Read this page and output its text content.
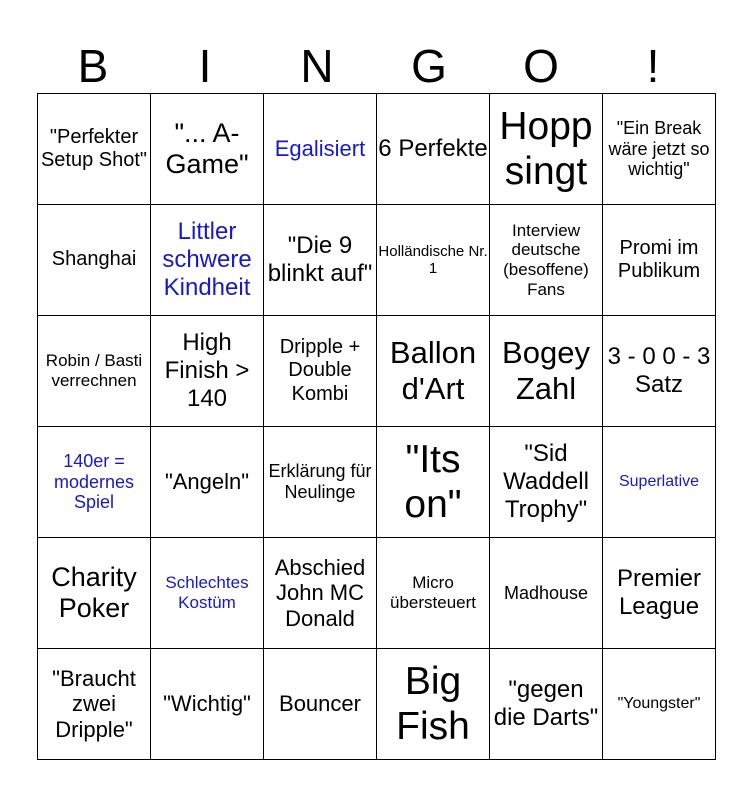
B	I	N	G	O	!
"Perfekter Setup Shot"	"... A-Game"	Egalisiert	6 Perfekte	Hopp singt	"Ein Break wäre jetzt so wichtig"
Shanghai	Littler schwere Kindheit	"Die 9 blinkt auf"	Holländische Nr. 1	Interview deutsche (besoffene) Fans	Promi im Publikum
Robin / Basti verrechnen	High Finish > 140	Dripple + Double Kombi	Ballon d'Art	Bogey Zahl	3 - 0 0 - 3 Satz
140er = modernes Spiel	"Angeln"	Erklärung für Neulinge	"Its on"	"Sid Waddell Trophy"	Superlative
Charity Poker	Schlechtes Kostüm	Abschied John MC Donald	Micro übersteuert	Madhouse	Premier League
"Braucht zwei Dripple"	"Wichtig"	Bouncer	Big Fish	"gegen die Darts"	"Youngster"
